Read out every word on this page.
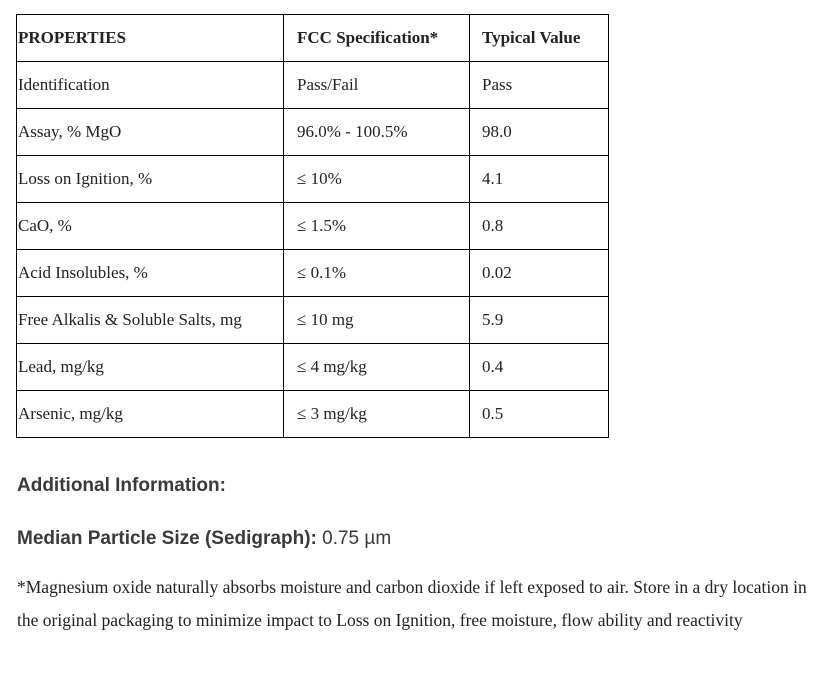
PROPERTIES	FCC Specification*	Typical Value
Identification	Pass/Fail	Pass
Assay, % MgO	96.0% - 100.5%	98.0
Loss on Ignition, %	≤ 10%	4.1
CaO, %	≤ 1.5%	0.8
Acid Insolubles, %	≤ 0.1%	0.02
Free Alkalis & Soluble Salts, mg	≤ 10 mg	5.9
Lead, mg/kg	≤ 4 mg/kg	0.4
Arsenic, mg/kg	≤ 3 mg/kg	0.5
Additional Information:

Median Particle Size (Sedigraph): 0.75 µm

*Magnesium oxide naturally absorbs moisture and carbon dioxide if left exposed to air. Store in a dry location in the original packaging to minimize impact to Loss on Ignition, free moisture, flow ability and reactivity
